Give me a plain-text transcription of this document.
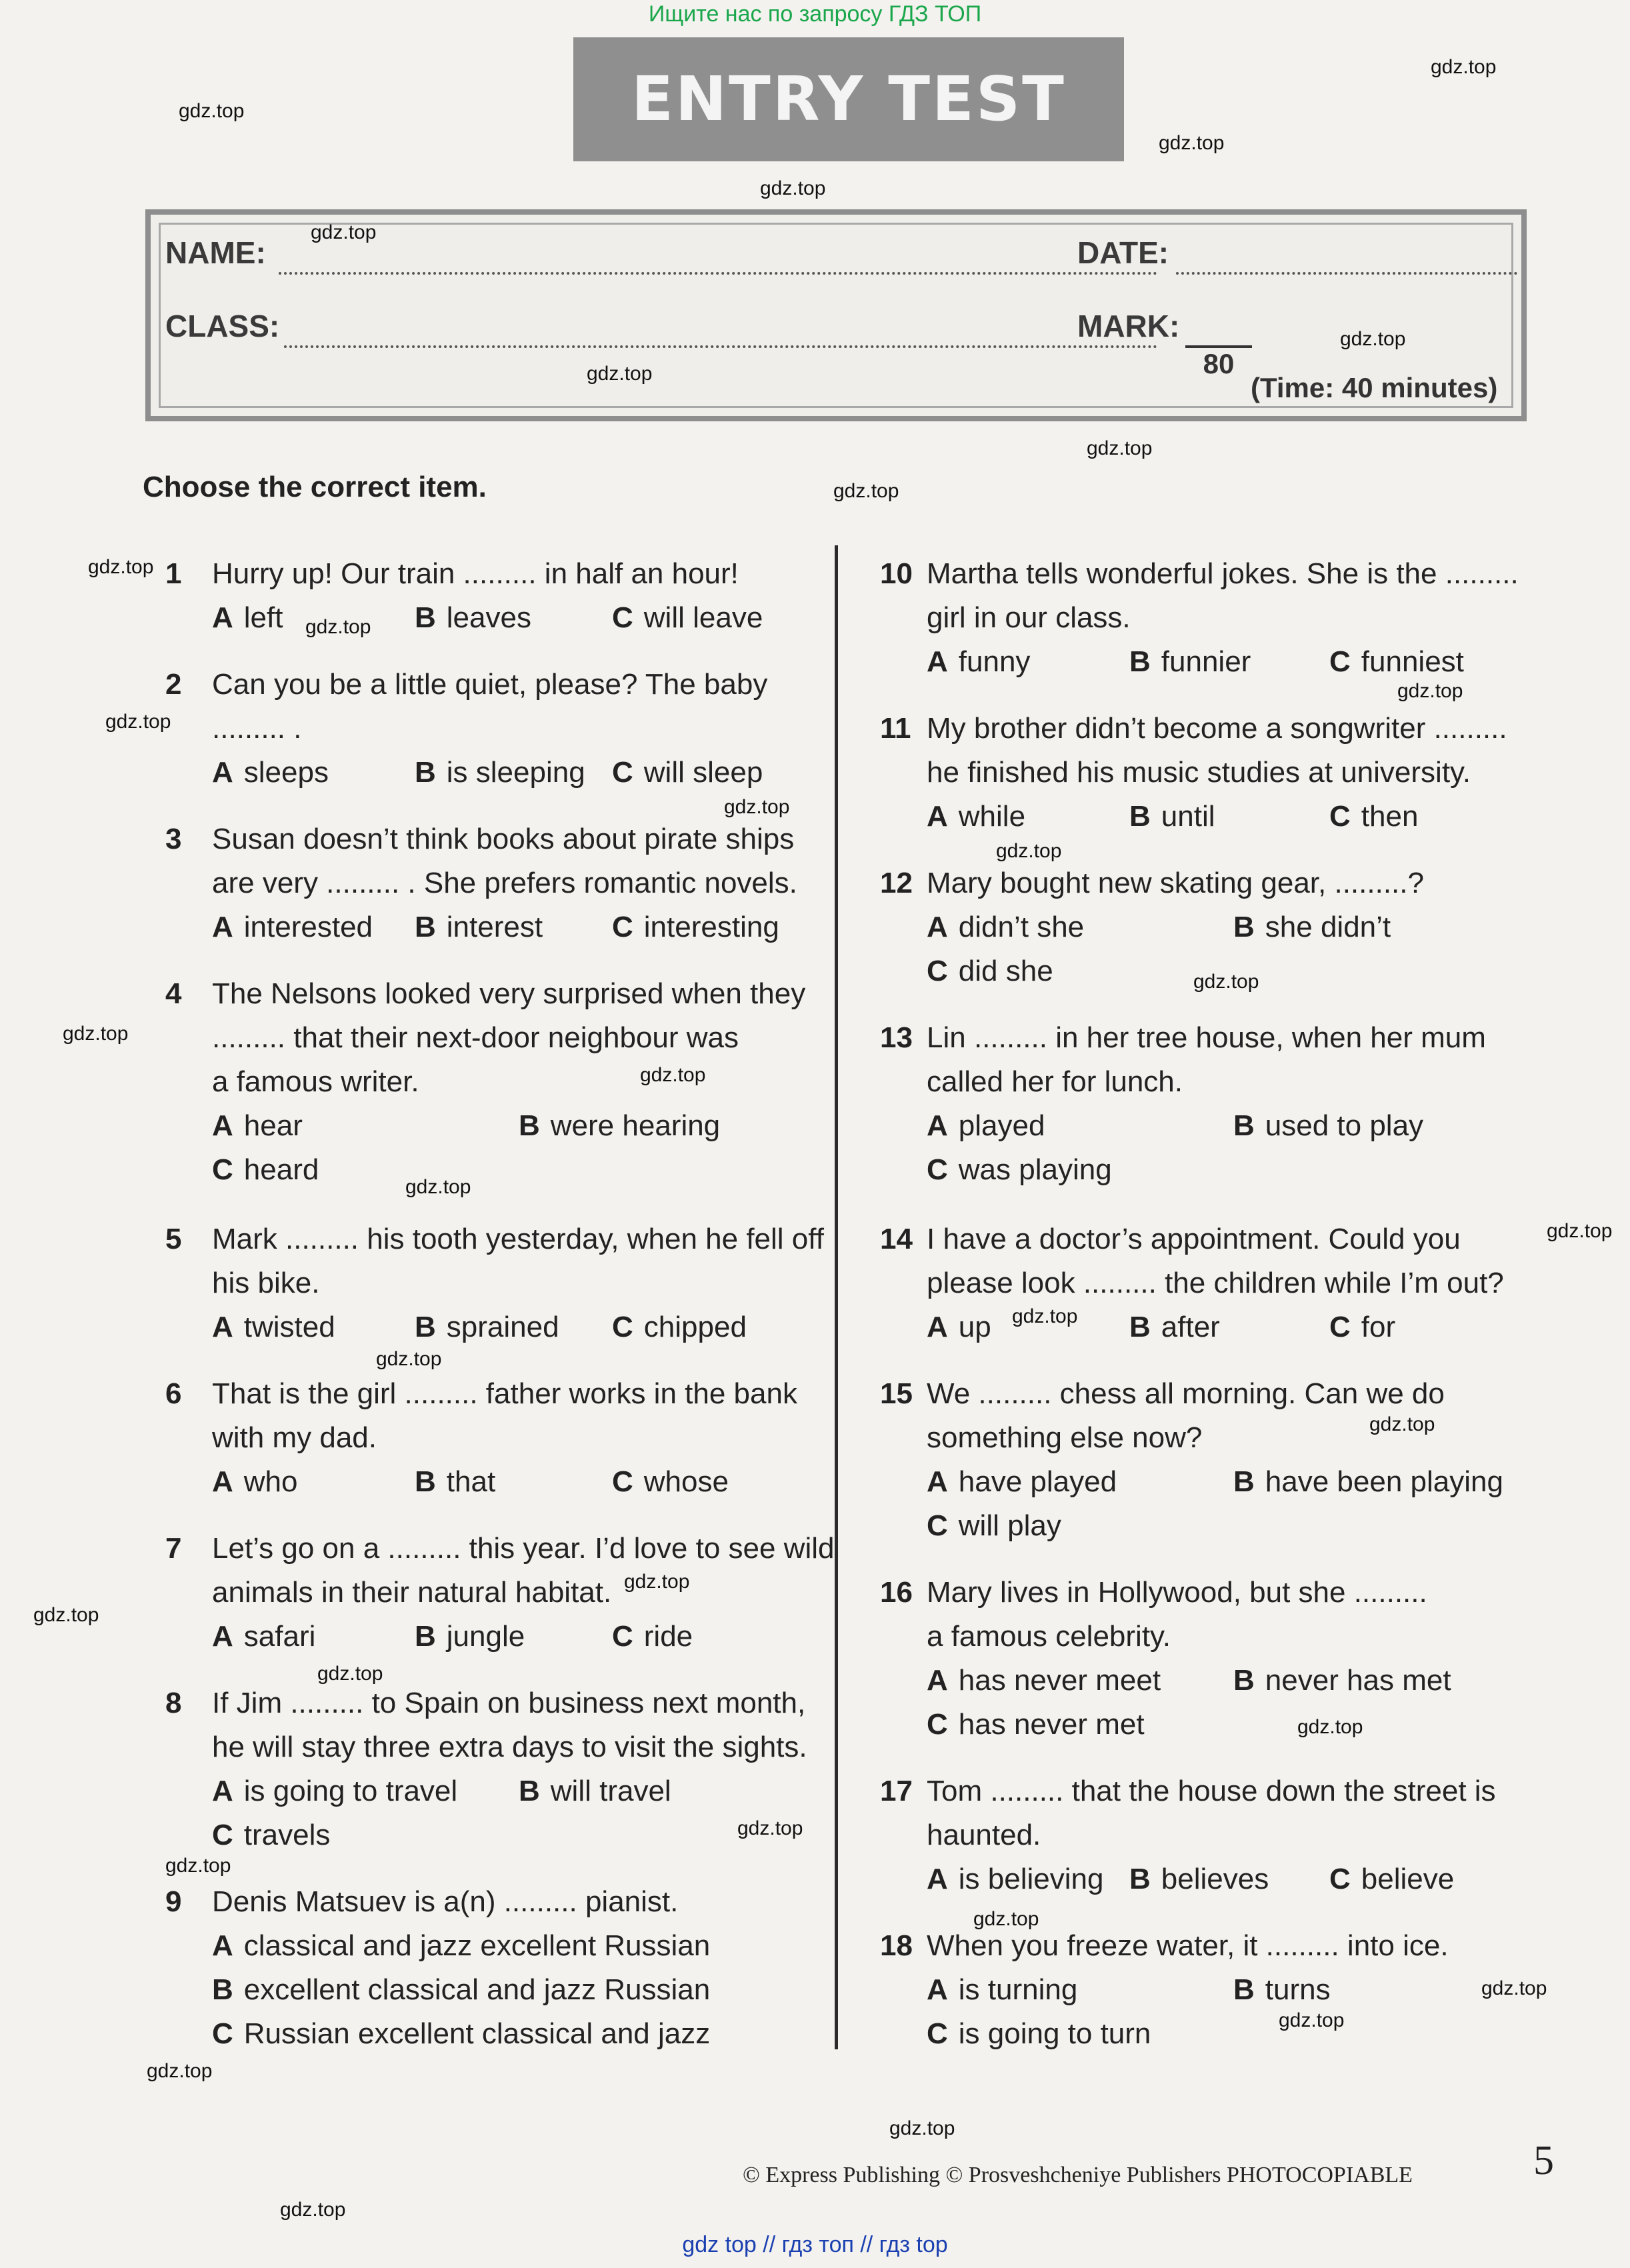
Ищите нас по запросу ГДЗ ТОП
ENTRY TEST
NAME:	DATE:
CLASS:	MARK:
80
(Time: 40 minutes)
Choose the correct item.
1 Hurry up! Our train ......... in half an hour!
A left	B leaves	C will leave
2 Can you be a little quiet, please? The baby
......... .
A sleeps	B is sleeping C will sleep
3 Susan doesn’t think books about pirate ships
are very ......... . She prefers romantic novels.
A interested B interest C interesting
4 The Nelsons looked very surprised when they
......... that their next-door neighbour was
a famous writer.
A hear	B were hearing
C heard
5 Mark ......... his tooth yesterday, when he fell off
his bike.
A twisted	B sprained C chipped
6 That is the girl ......... father works in the bank
with my dad.
A who	B that	C whose
7 Let’s go on a ......... this year. I’d love to see wild
animals in their natural habitat.
A safari	B jungle	C ride
8 If Jim ......... to Spain on business next month,
he will stay three extra days to visit the sights.
A is going to travel B will travel
C travels
9 Denis Matsuev is a(n) ......... pianist.
A classical and jazz excellent Russian
B excellent classical and jazz Russian
C Russian excellent classical and jazz
10 Martha tells wonderful jokes. She is the .........
girl in our class.
A funny	B funnier	C funniest
11 My brother didn’t become a songwriter .........
he finished his music studies at university.
A while	B until	C then
12 Mary bought new skating gear, .........?
A didn’t she	B she didn’t
C did she
13 Lin ......... in her tree house, when her mum
called her for lunch.
A played	B used to play
C was playing
14 I have a doctor’s appointment. Could you
please look ......... the children while I’m out?
A up	B after	C for
15 We ......... chess all morning. Can we do
something else now?
A have played	B have been playing
C will play
16 Mary lives in Hollywood, but she .........
a famous celebrity.
A has never meet B never has met
C has never met
17 Tom ......... that the house down the street is
haunted.
A is believing B believes C believe
18 When you freeze water, it ......... into ice.
A is turning	B turns
C is going to turn
gdz.top
gdz.top
gdz.top
gdz.top
gdz.top
gdz.top
gdz.top
gdz.top
gdz.top
gdz.top
gdz.top
gdz.top
gdz.top
gdz.top
gdz.top
gdz.top
gdz.top
gdz.top
gdz.top
gdz.top
gdz.top
gdz.top
gdz.top
gdz.top
gdz.top
gdz.top
gdz.top
gdz.top
gdz.top
gdz.top
gdz.top
gdz.top
gdz.top
gdz.top
gdz.top
© Express Publishing © Prosveshcheniye Publishers PHOTOCOPIABLE	5
gdz top // гдз топ // гдз top
